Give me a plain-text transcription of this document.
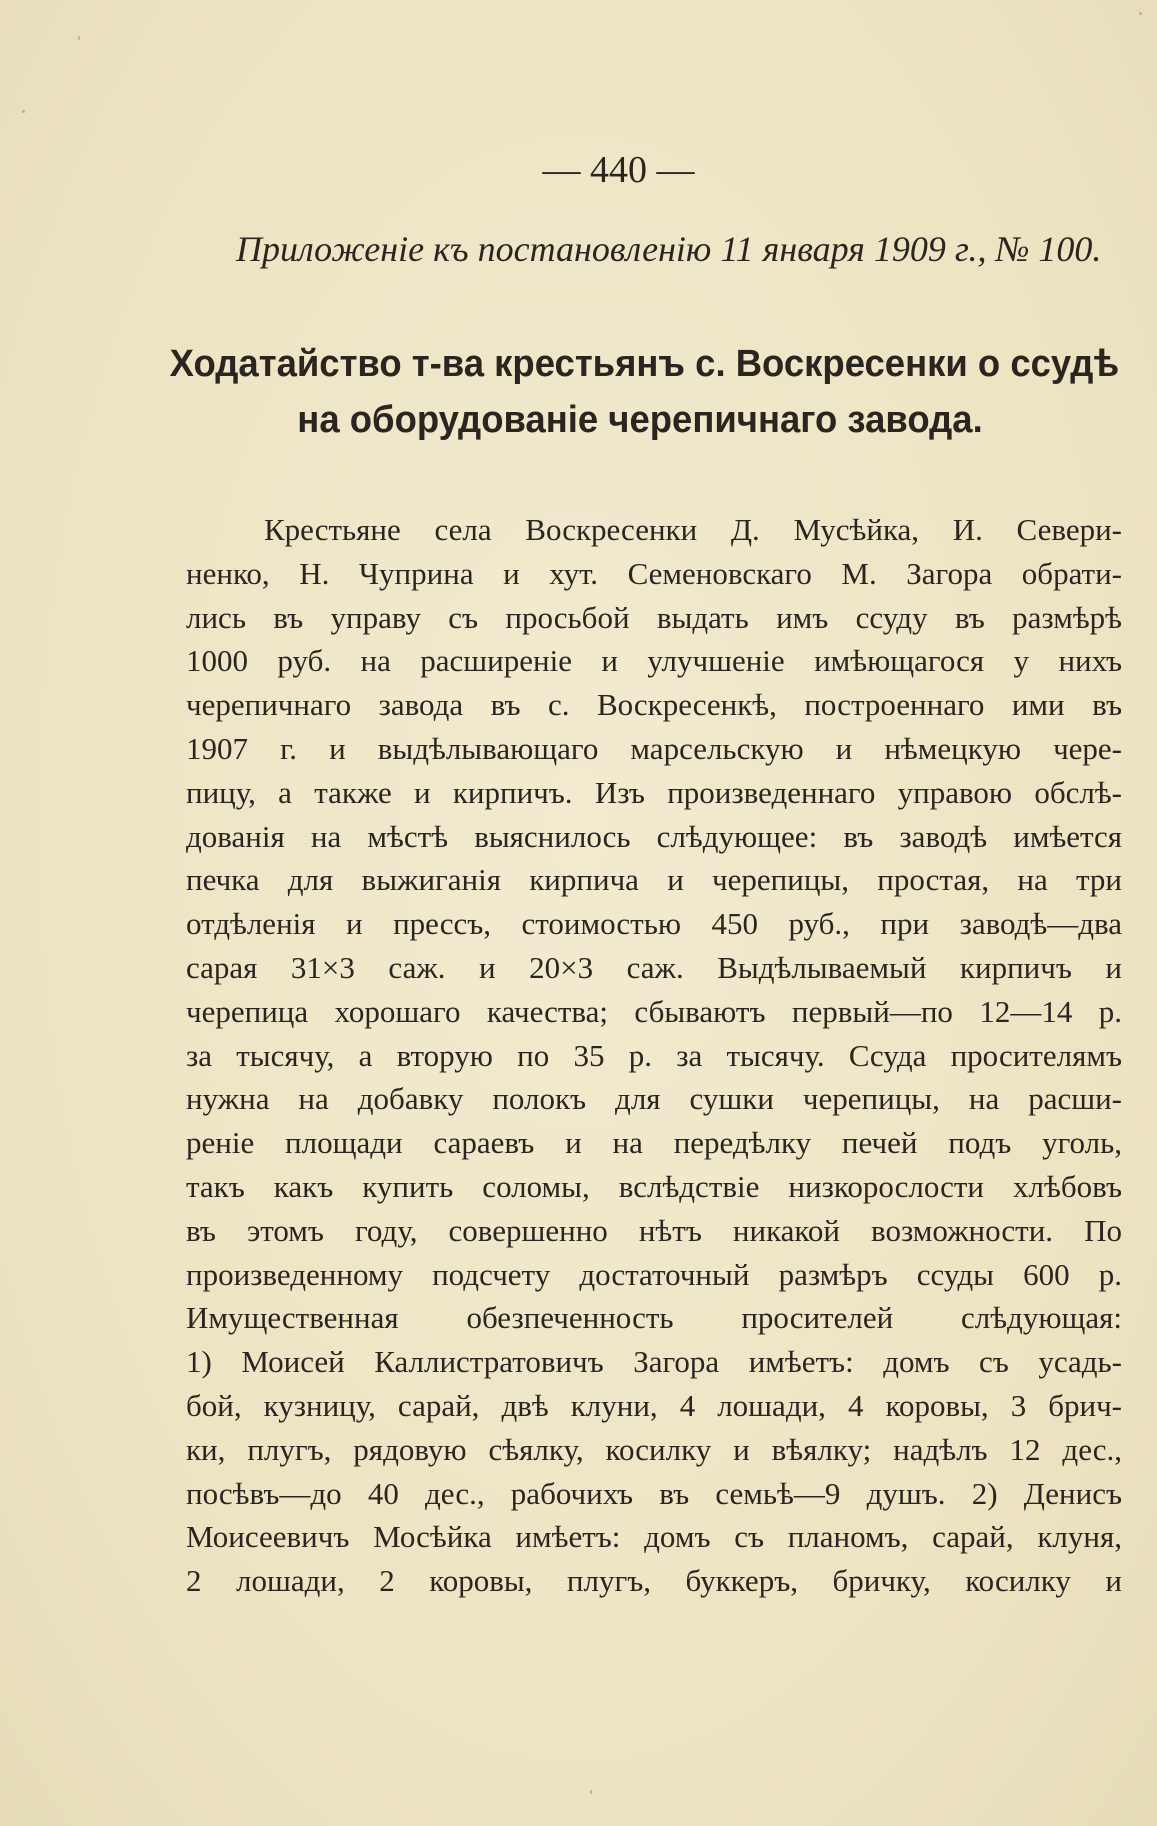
— 440 —
Приложеніе къ постановленію 11 января 1909 г., № 100.
Ходатайство т-ва крестьянъ с. Воскресенки о ссудѣ
на оборудованіе черепичнаго завода.
Крестьяне села Воскресенки Д. Мусѣйка, И. Севери-
ненко, Н. Чуприна и хут. Семеновскаго М. Загора обрати-
лись въ управу съ просьбой выдать имъ ссуду въ размѣрѣ
1000 руб. на расширеніе и улучшеніе имѣющагося у нихъ
черепичнаго завода въ с. Воскресенкѣ, построеннаго ими въ
1907 г. и выдѣлывающаго марсельскую и нѣмецкую чере-
пицу, а также и кирпичъ. Изъ произведеннаго управою обслѣ-
дованія на мѣстѣ выяснилось слѣдующее: въ заводѣ имѣется
печка для выжиганія кирпича и черепицы, простая, на три
отдѣленія и прессъ, стоимостью 450 руб., при заводѣ—два
сарая 31×3 саж. и 20×3 саж. Выдѣлываемый кирпичъ и
черепица хорошаго качества; сбываютъ первый—по 12—14 р.
за тысячу, а вторую по 35 р. за тысячу. Ссуда просителямъ
нужна на добавку полокъ для сушки черепицы, на расши-
реніе площади сараевъ и на передѣлку печей подъ уголь,
такъ какъ купить соломы, вслѣдствіе низкорослости хлѣбовъ
въ этомъ году, совершенно нѣтъ никакой возможности. По
произведенному подсчету достаточный размѣръ ссуды 600 р.
Имущественная обезпеченность просителей слѣдующая:
1) Моисей Каллистратовичъ Загора имѣетъ: домъ съ усадь-
бой, кузницу, сарай, двѣ клуни, 4 лошади, 4 коровы, 3 брич-
ки, плугъ, рядовую сѣялку, косилку и вѣялку; надѣлъ 12 дес.,
посѣвъ—до 40 дес., рабочихъ въ семьѣ—9 душъ. 2) Денисъ
Моисеевичъ Мосѣйка имѣетъ: домъ съ планомъ, сарай, клуня,
2 лошади, 2 коровы, плугъ, буккеръ, бричку, косилку и
